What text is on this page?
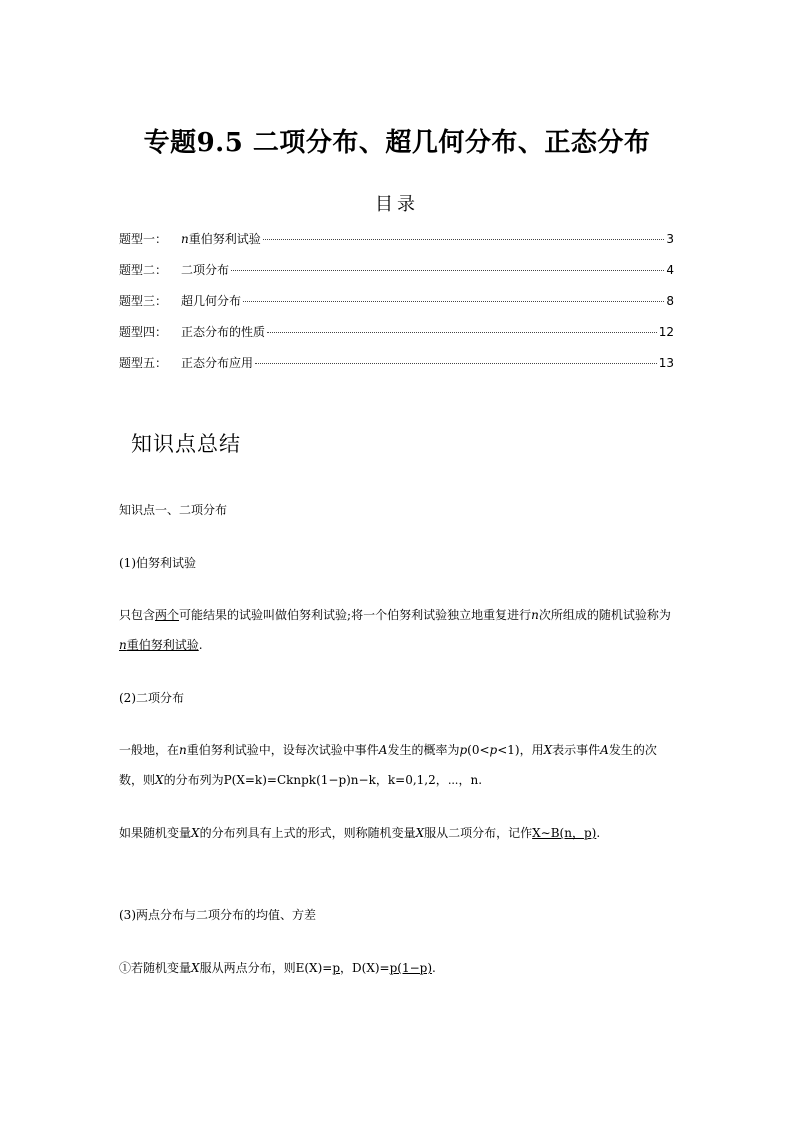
专题9.5 二项分布、超几何分布、正态分布
目录
题型一：	n重伯努利试验	3
题型二：	二项分布	4
题型三：	超几何分布	8
题型四：	正态分布的性质	12
题型五：	正态分布应用	13
知识点总结
知识点一、二项分布
(1)伯努利试验
只包含两个可能结果的试验叫做伯努利试验;将一个伯努利试验独立地重复进行n次所组成的随机试验称为n重伯努利试验.
(2)二项分布
一般地，在n重伯努利试验中，设每次试验中事件A发生的概率为p(0<p<1)，用X表示事件A发生的次数，则X的分布列为P(X=k)=Cknpk(1−p)n−k，k=0,1,2，⋯，n.
如果随机变量X的分布列具有上式的形式，则称随机变量X服从二项分布，记作X∼B(n，p).
(3)两点分布与二项分布的均值、方差
①若随机变量X服从两点分布，则E(X)=p，D(X)=p(1−p).
